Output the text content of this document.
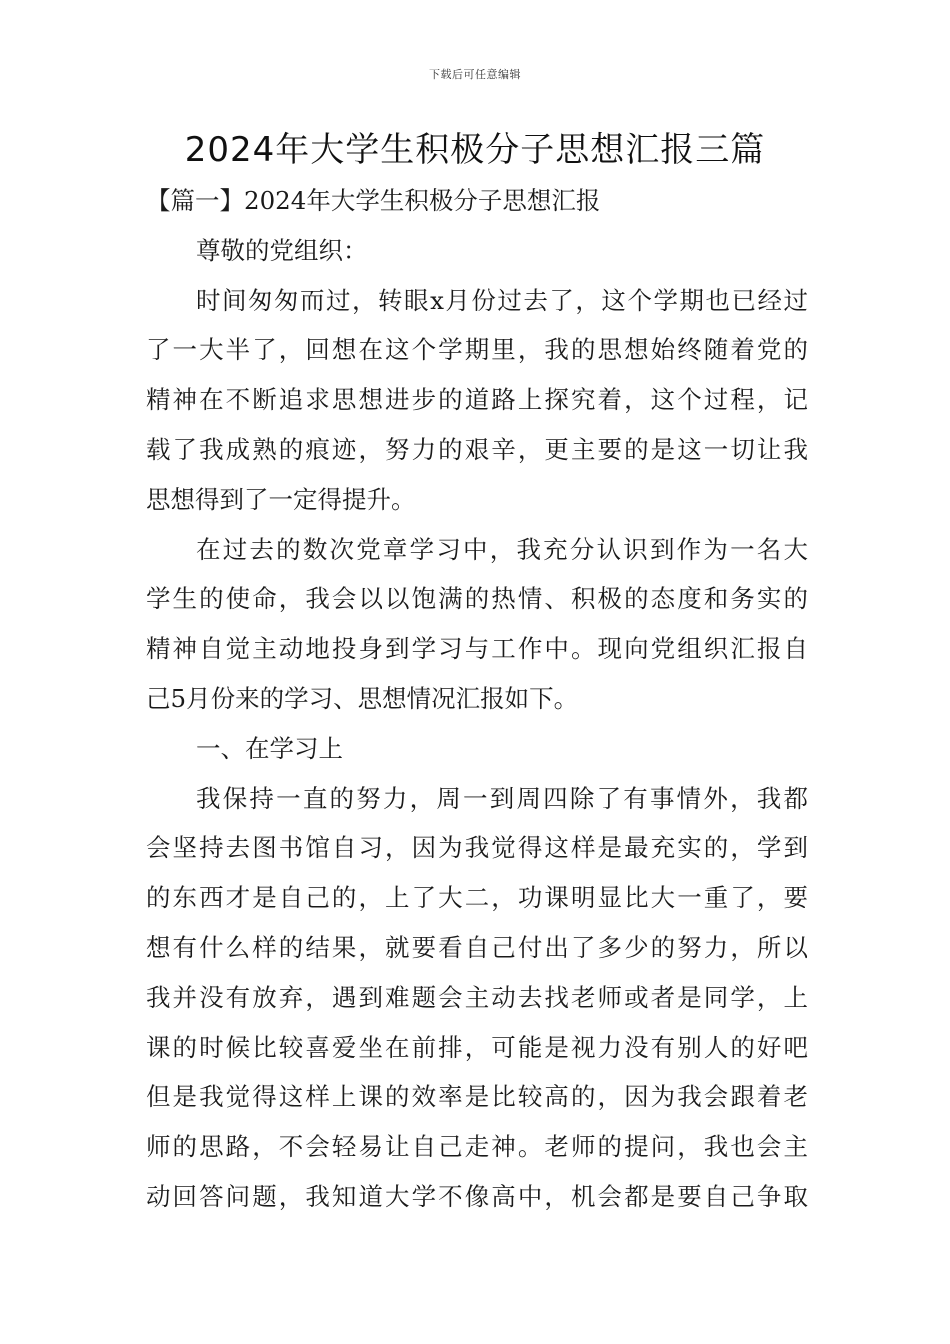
下载后可任意编辑
2024年大学生积极分子思想汇报三篇

【篇一】2024年大学生积极分子思想汇报

尊敬的党组织：
时间匆匆而过，转眼x月份过去了，这个学期也已经过
了一大半了，回想在这个学期里，我的思想始终随着党的
精神在不断追求思想进步的道路上探究着，这个过程，记
载了我成熟的痕迹，努力的艰辛，更主要的是这一切让我
思想得到了一定得提升。
在过去的数次党章学习中，我充分认识到作为一名大
学生的使命，我会以以饱满的热情、积极的态度和务实的
精神自觉主动地投身到学习与工作中。现向党组织汇报自
己5月份来的学习、思想情况汇报如下。
一、在学习上
我保持一直的努力，周一到周四除了有事情外，我都
会坚持去图书馆自习，因为我觉得这样是最充实的，学到
的东西才是自己的，上了大二，功课明显比大一重了，要
想有什么样的结果，就要看自己付出了多少的努力，所以
我并没有放弃，遇到难题会主动去找老师或者是同学，上
课的时候比较喜爱坐在前排，可能是视力没有别人的好吧
但是我觉得这样上课的效率是比较高的，因为我会跟着老
师的思路，不会轻易让自己走神。老师的提问，我也会主
动回答问题，我知道大学不像高中，机会都是要自己争取
